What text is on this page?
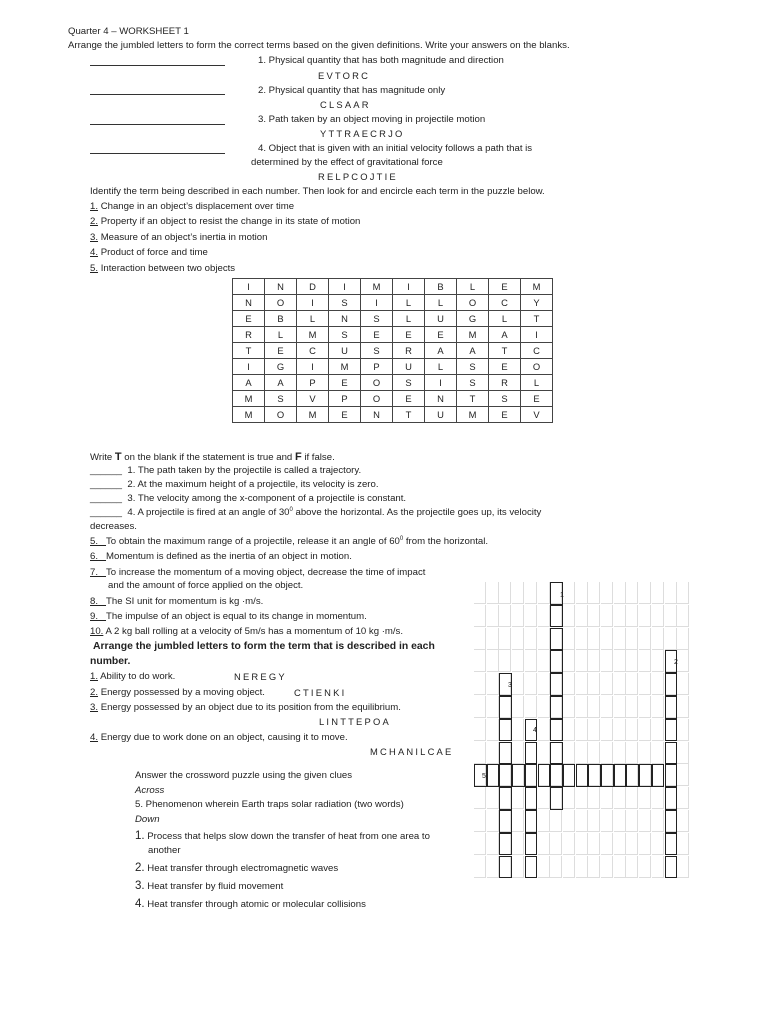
Quarter 4 – WORKSHEET 1
Arrange the jumbled letters to form the correct terms based on the given definitions. Write your answers on the blanks.
1. Physical quantity that has both magnitude and direction
EVTORC
2. Physical quantity that has magnitude only
CLSAAR
3. Path taken by an object moving in projectile motion
YTTRAECRJO
4. Object that is given with an initial velocity follows a path that is
determined by the effect of gravitational force
RELPCOJTIE
Identify the term being described in each number. Then look for and encircle each term in the puzzle below.
1. Change in an object’s displacement over time
2. Property if an object to resist the change in its state of motion
3. Measure of an object’s inertia in motion
4. Product of force and time
5. Interaction between two objects
I	N	D	I	M	I	B	L	E	M
N	O	I	S	I	L	L	O	C	Y
E	B	L	N	S	L	U	G	L	T
R	L	M	S	E	E	E	M	A	I
T	E	C	U	S	R	A	A	T	C
I	G	I	M	P	U	L	S	E	O
A	A	P	E	O	S	I	S	R	L
M	S	V	P	O	E	N	T	S	E
M	O	M	E	N	T	U	M	E	V
Write T on the blank if the statement is true and F if false.
______ 1. The path taken by the projectile is called a trajectory.
______ 2. At the maximum height of a projectile, its velocity is zero.
______ 3. The velocity among the x-component of a projectile is constant.
______ 4. A projectile is fired at an angle of $30^0$ above the horizontal. As the projectile goes up, its velocity
decreases.
5. To obtain the maximum range of a projectile, release it an angle of $60^0$ from the horizontal.
6. Momentum is defined as the inertia of an object in motion.
7. To increase the momentum of a moving object, decrease the time of impact
and the amount of force applied on the object.
8. The SI unit for momentum is kg ·m/s.
9. The impulse of an object is equal to its change in momentum.
10. A 2 kg ball rolling at a velocity of 5m/s has a momentum of 10 kg ·m/s.
Arrange the jumbled letters to form the term that is described in each
number.
1. Ability to do work.	NEREGY
2. Energy possessed by a moving object.	CTIENKI
3. Energy possessed by an object due to its position from the equilibrium.
LINTTEPOA
4. Energy due to work done on an object, causing it to move.
MCHANILCAE
Answer the crossword puzzle using the given clues
Across
5. Phenomenon wherein Earth traps solar radiation (two words)
Down
1. Process that helps slow down the transfer of heat from one area to
another
2. Heat transfer through electromagnetic waves
3. Heat transfer by fluid movement
4. Heat transfer through atomic or molecular collisions
1
2
3
4
5
